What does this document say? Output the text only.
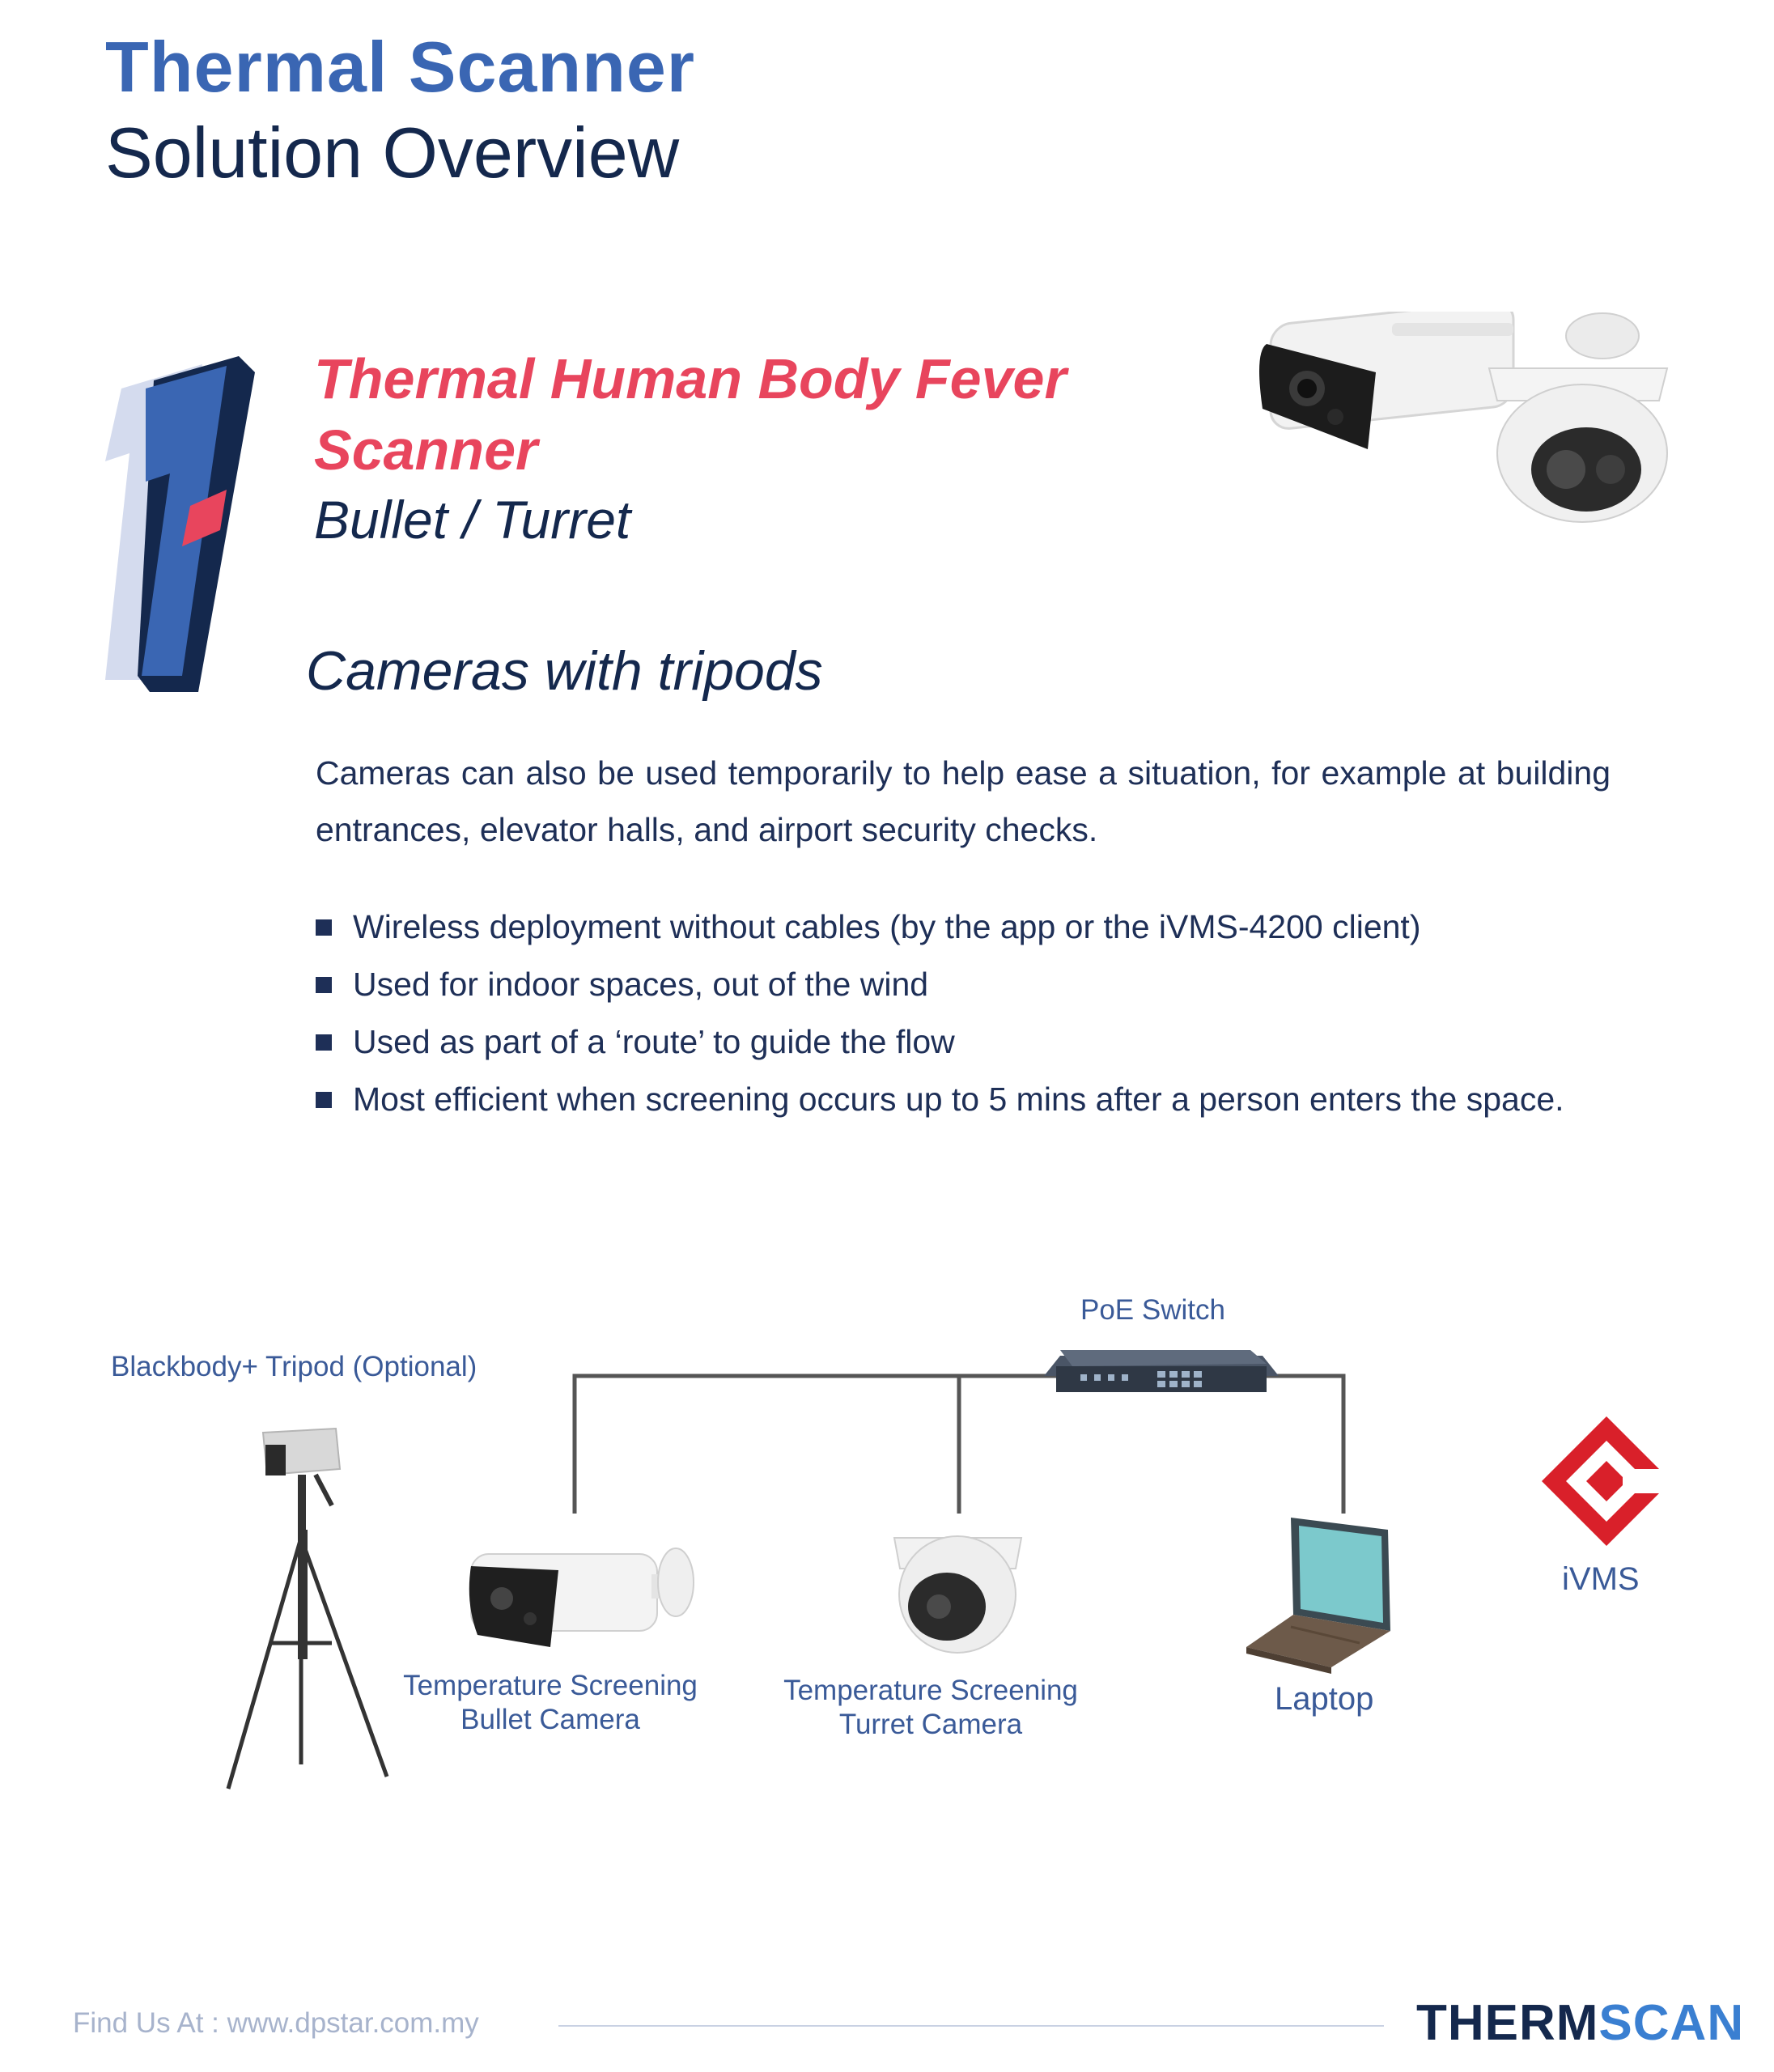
Thermal Scanner
Solution Overview
Thermal Human Body Fever Scanner
Bullet / Turret
Cameras with tripods
Cameras can also be used temporarily to help ease a situation, for example at building entrances, elevator halls, and airport security checks.
Wireless deployment without cables (by the app or the iVMS-4200 client)
Used for indoor spaces, out of the wind
Used as part of a ‘route’ to guide the flow
Most efficient when screening occurs up to 5 mins after a person enters the space.
PoE Switch
Blackbody+ Tripod (Optional)
Temperature Screening
Bullet Camera
Temperature Screening
Turret Camera
Laptop
iVMS
Find Us At : www.dpstar.com.my	THERMSCAN
